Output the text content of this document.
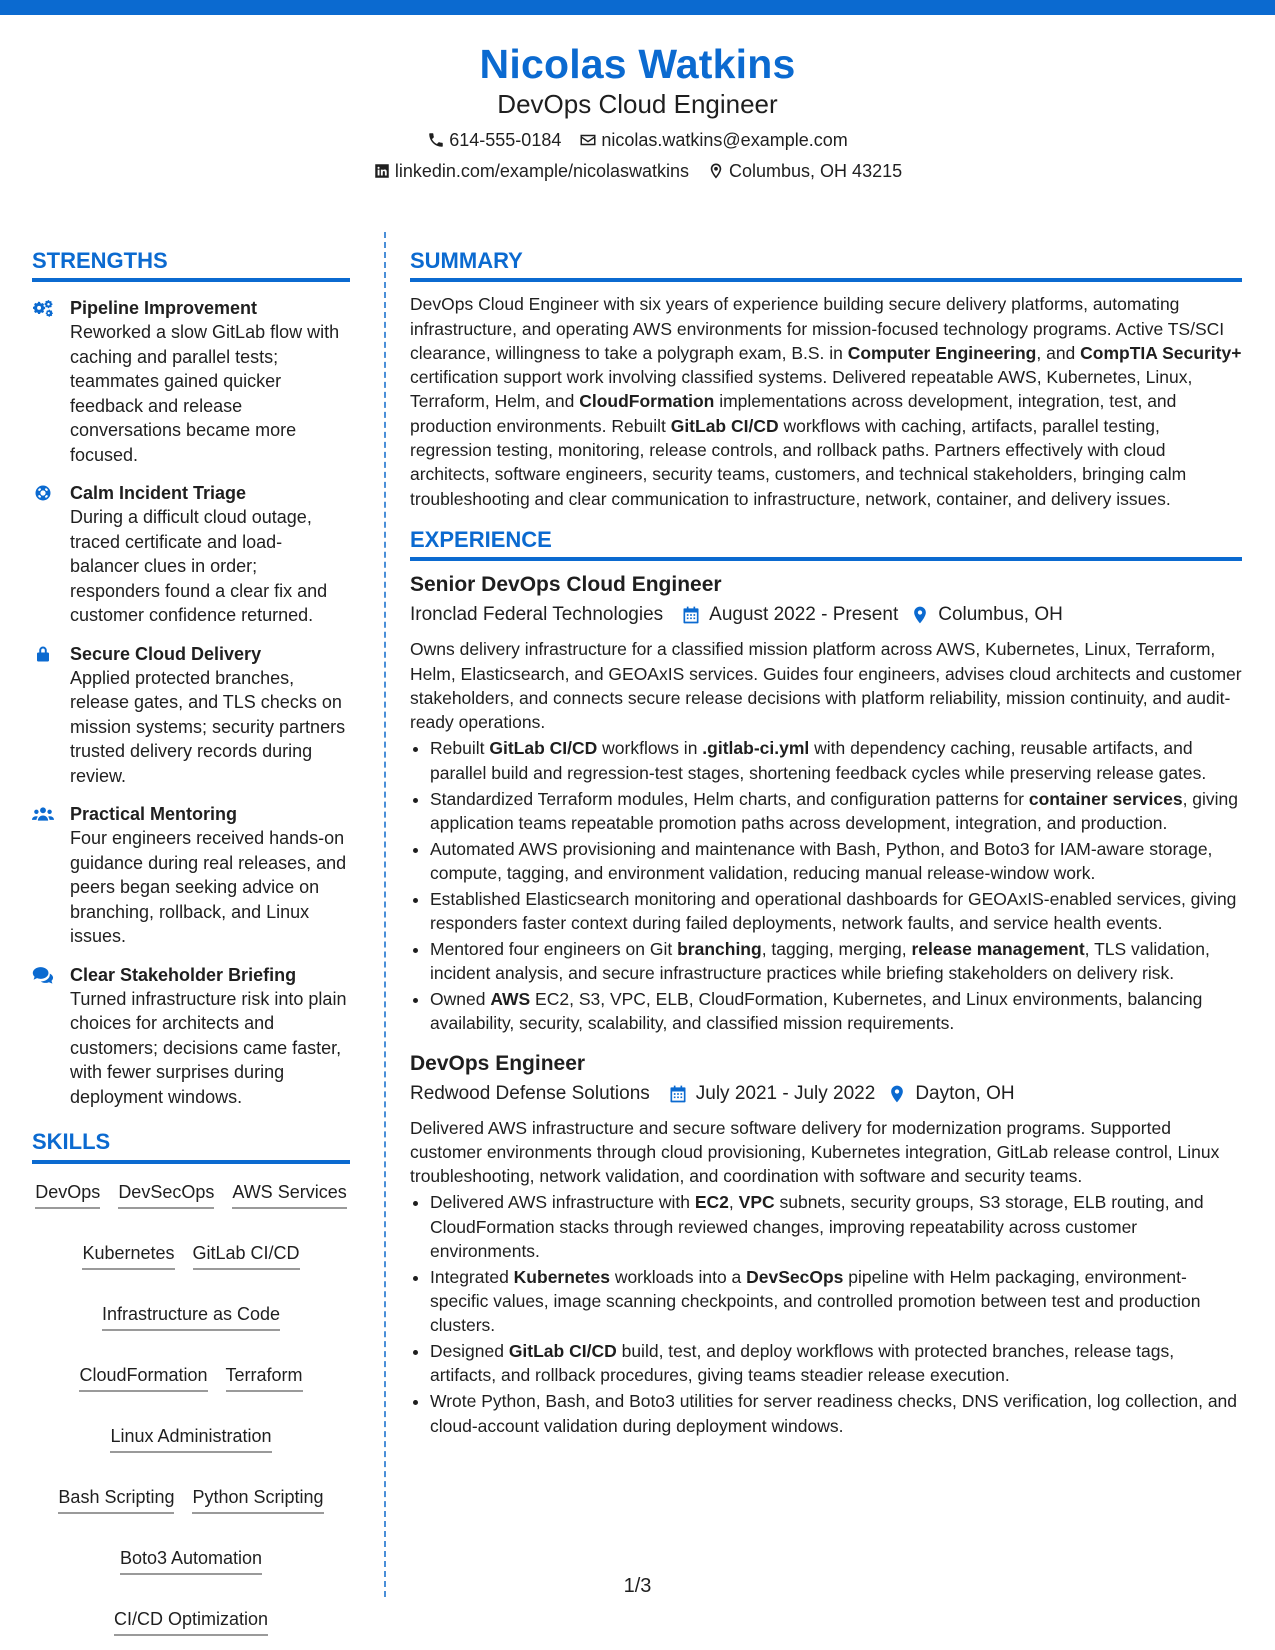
Nicolas Watkins
DevOps Cloud Engineer
614-555-0184 nicolas.watkins@example.com
linkedin.com/example/nicolaswatkins Columbus, OH 43215
STRENGTHS
Pipeline Improvement
Reworked a slow GitLab flow with caching and parallel tests; teammates gained quicker feedback and release conversations became more focused.
Calm Incident Triage
During a difficult cloud outage, traced certificate and load-balancer clues in order; responders found a clear fix and customer confidence returned.
Secure Cloud Delivery
Applied protected branches, release gates, and TLS checks on mission systems; security partners trusted delivery records during review.
Practical Mentoring
Four engineers received hands-on guidance during real releases, and peers began seeking advice on branching, rollback, and Linux issues.
Clear Stakeholder Briefing
Turned infrastructure risk into plain choices for architects and customers; decisions came faster, with fewer surprises during deployment windows.
SKILLS
DevOps DevSecOps AWS Services
Kubernetes GitLab CI/CD
Infrastructure as Code
CloudFormation Terraform
Linux Administration
Bash Scripting Python Scripting
Boto3 Automation
CI/CD Optimization
SUMMARY

DevOps Cloud Engineer with six years of experience building secure delivery platforms, automating infrastructure, and operating AWS environments for mission-focused technology programs. Active TS/SCI clearance, willingness to take a polygraph exam, B.S. in Computer Engineering, and CompTIA Security+ certification support work involving classified systems. Delivered repeatable AWS, Kubernetes, Linux, Terraform, Helm, and CloudFormation implementations across development, integration, test, and production environments. Rebuilt GitLab CI/CD workflows with caching, artifacts, parallel testing, regression testing, monitoring, release controls, and rollback paths. Partners effectively with cloud architects, software engineers, security teams, customers, and technical stakeholders, bringing calm troubleshooting and clear communication to infrastructure, network, container, and delivery issues.

EXPERIENCE
Senior DevOps Cloud Engineer
Ironclad Federal Technologies August 2022 - Present Columbus, OH

Owns delivery infrastructure for a classified mission platform across AWS, Kubernetes, Linux, Terraform, Helm, Elasticsearch, and GEOAxIS services. Guides four engineers, advises cloud architects and customer stakeholders, and connects secure release decisions with platform reliability, mission continuity, and audit-ready operations.

• Rebuilt GitLab CI/CD workflows in .gitlab-ci.yml with dependency caching, reusable artifacts, and parallel build and regression-test stages, shortening feedback cycles while preserving release gates.
• Standardized Terraform modules, Helm charts, and configuration patterns for container services, giving application teams repeatable promotion paths across development, integration, and production.
• Automated AWS provisioning and maintenance with Bash, Python, and Boto3 for IAM-aware storage, compute, tagging, and environment validation, reducing manual release-window work.
• Established Elasticsearch monitoring and operational dashboards for GEOAxIS-enabled services, giving responders faster context during failed deployments, network faults, and service health events.
• Mentored four engineers on Git branching, tagging, merging, release management, TLS validation, incident analysis, and secure infrastructure practices while briefing stakeholders on delivery risk.
• Owned AWS EC2, S3, VPC, ELB, CloudFormation, Kubernetes, and Linux environments, balancing availability, security, scalability, and classified mission requirements.
DevOps Engineer
Redwood Defense Solutions July 2021 - July 2022 Dayton, OH

Delivered AWS infrastructure and secure software delivery for modernization programs. Supported customer environments through cloud provisioning, Kubernetes integration, GitLab release control, Linux troubleshooting, network validation, and coordination with software and security teams.

• Delivered AWS infrastructure with EC2, VPC subnets, security groups, S3 storage, ELB routing, and CloudFormation stacks through reviewed changes, improving repeatability across customer environments.
• Integrated Kubernetes workloads into a DevSecOps pipeline with Helm packaging, environment-specific values, image scanning checkpoints, and controlled promotion between test and production clusters.
• Designed GitLab CI/CD build, test, and deploy workflows with protected branches, release tags, artifacts, and rollback procedures, giving teams steadier release execution.
• Wrote Python, Bash, and Boto3 utilities for server readiness checks, DNS verification, log collection, and cloud-account validation during deployment windows.
1/3
